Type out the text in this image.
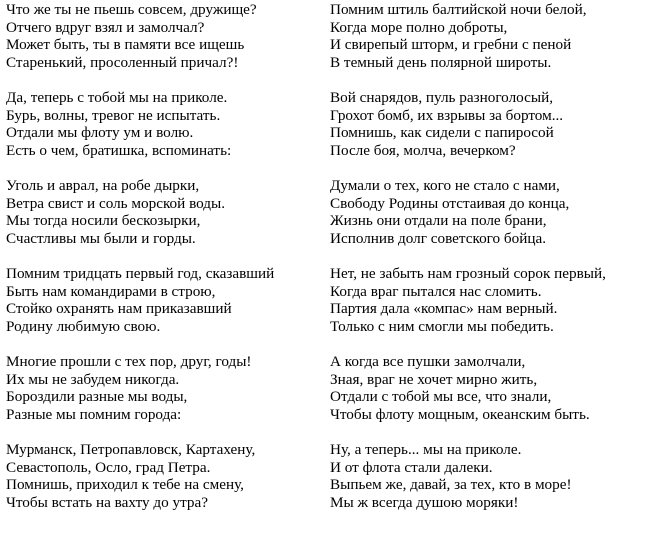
Что же ты не пьешь совсем, дружище?
Отчего вдруг взял и замолчал?
Может быть, ты в памяти все ищешь
Старенький, просоленный причал?!
Да, теперь с тобой мы на приколе.
Бурь, волны, тревог не испытать.
Отдали мы флоту ум и волю.
Есть о чем, братишка, вспоминать:
Уголь и аврал, на робе дырки,
Ветра свист и соль морской воды.
Мы тогда носили бескозырки,
Счастливы мы были и горды.
Помним тридцать первый год, сказавший
Быть нам командирами в строю,
Стойко охранять нам приказавший
Родину любимую свою.
Многие прошли с тех пор, друг, годы!
Их мы не забудем никогда.
Бороздили разные мы воды,
Разные мы помним города:
Мурманск, Петропавловск, Картахену,
Севастополь, Осло, град Петра.
Помнишь, приходил к тебе на смену,
Чтобы встать на вахту до утра?
Помним штиль балтийской ночи белой,
Когда море полно доброты,
И свирепый шторм, и гребни с пеной
В темный день полярной широты.
Вой снарядов, пуль разноголосый,
Грохот бомб, их взрывы за бортом...
Помнишь, как сидели с папиросой
После боя, молча, вечерком?
Думали о тех, кого не стало с нами,
Свободу Родины отстаивая до конца,
Жизнь они отдали на поле брани,
Исполнив долг советского бойца.
Нет, не забыть нам грозный сорок первый,
Когда враг пытался нас сломить.
Партия дала «компас» нам верный.
Только с ним смогли мы победить.
А когда все пушки замолчали,
Зная, враг не хочет мирно жить,
Отдали с тобой мы все, что знали,
Чтобы флоту мощным, океанским быть.
Ну, а теперь... мы на приколе.
И от флота стали далеки.
Выпьем же, давай, за тех, кто в море!
Мы ж всегда душою моряки!
